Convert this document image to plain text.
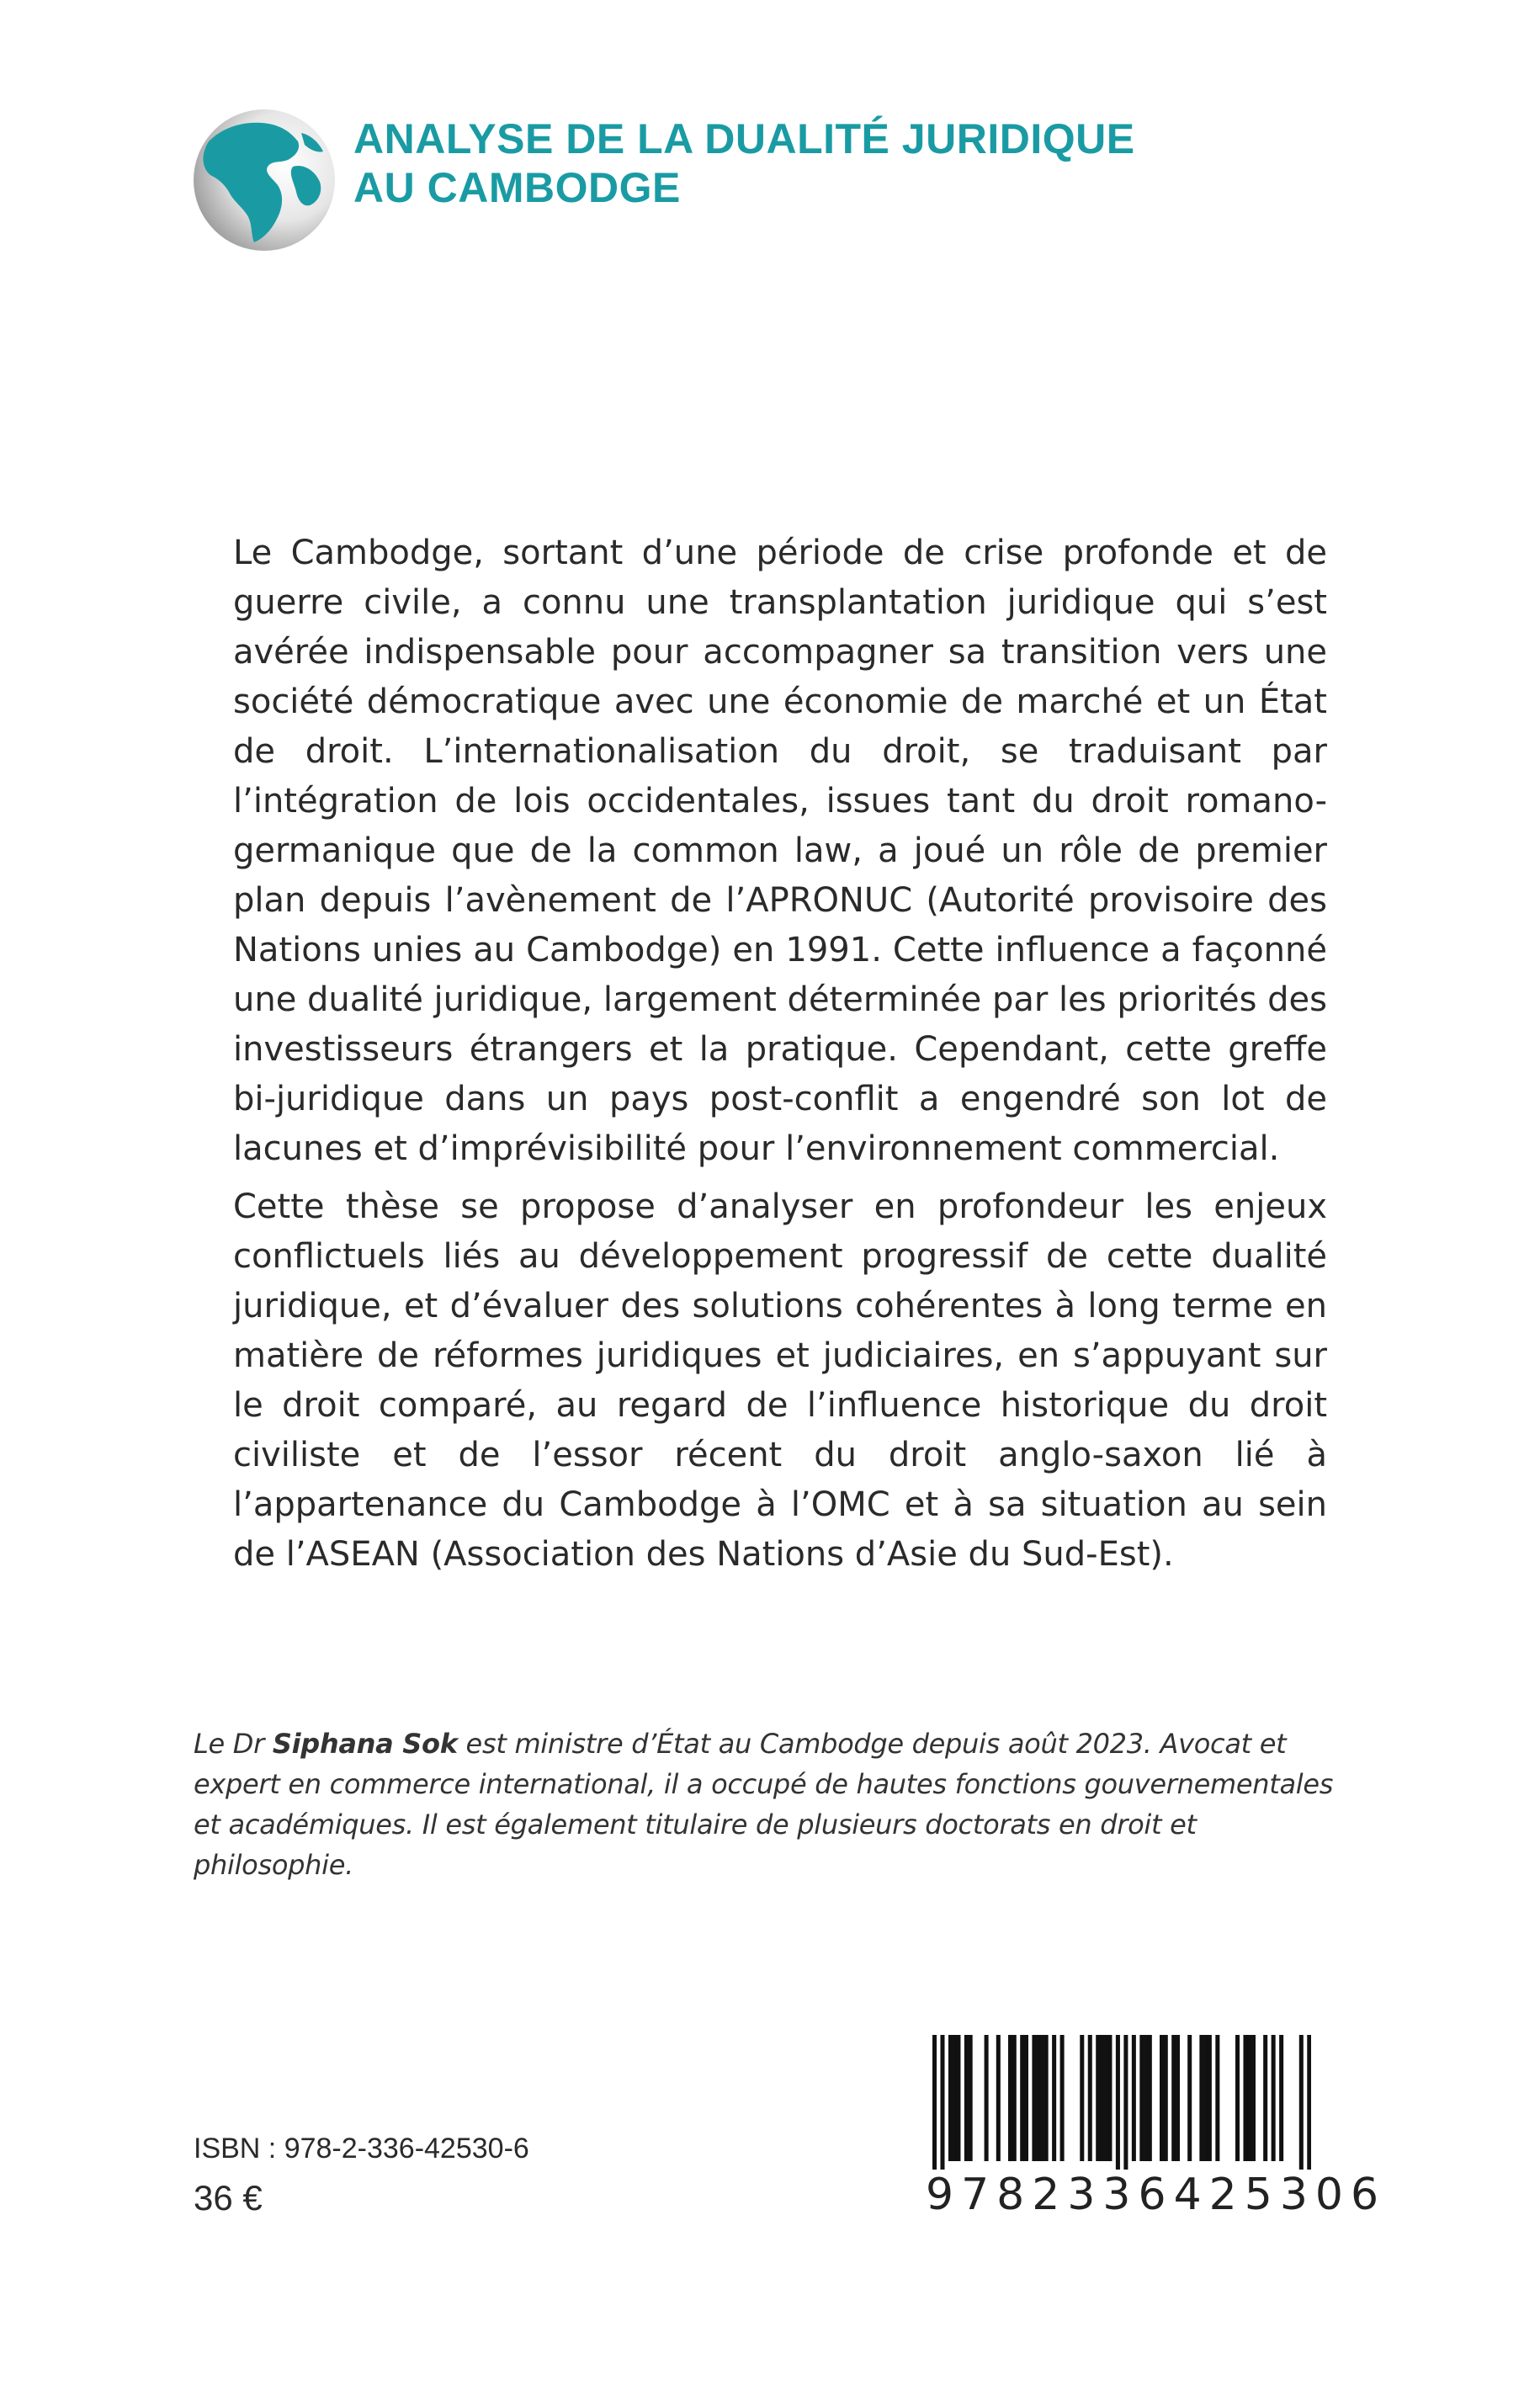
ANALYSE DE LA DUALITÉ JURIDIQUE
AU CAMBODGE

Le Cambodge, sortant d’une période de crise profonde et de guerre civile, a connu une transplantation juridique qui s’est avérée indispensable pour accompagner sa transition vers une société démocratique avec une économie de marché et un État de droit. L’internationalisation du droit, se traduisant par l’intégration de lois occidentales, issues tant du droit romano-germanique que de la common law, a joué un rôle de premier plan depuis l’avènement de l’APRONUC (Autorité provisoire des Nations unies au Cambodge) en 1991. Cette influence a façonné une dualité juridique, largement déterminée par les priorités des investisseurs étrangers et la pratique. Cependant, cette greffe bi-juridique dans un pays post-conflit a engendré son lot de lacunes et d’imprévisibilité pour l’environnement commercial.

Cette thèse se propose d’analyser en profondeur les enjeux conflictuels liés au développement progressif de cette dualité juridique, et d’évaluer des solutions cohérentes à long terme en matière de réformes juridiques et judiciaires, en s’appuyant sur le droit comparé, au regard de l’influence historique du droit civiliste et de l’essor récent du droit anglo-saxon lié à l’appartenance du Cambodge à l’OMC et à sa situation au sein de l’ASEAN (Association des Nations d’Asie du Sud-Est).

Le Dr Siphana Sok est ministre d’État au Cambodge depuis août 2023. Avocat et expert en commerce international, il a occupé de hautes fonctions gouvernementales et académiques. Il est également titulaire de plusieurs doctorats en droit et philosophie.
ISBN : 978-2-336-42530-6
36 €	9782336425306
